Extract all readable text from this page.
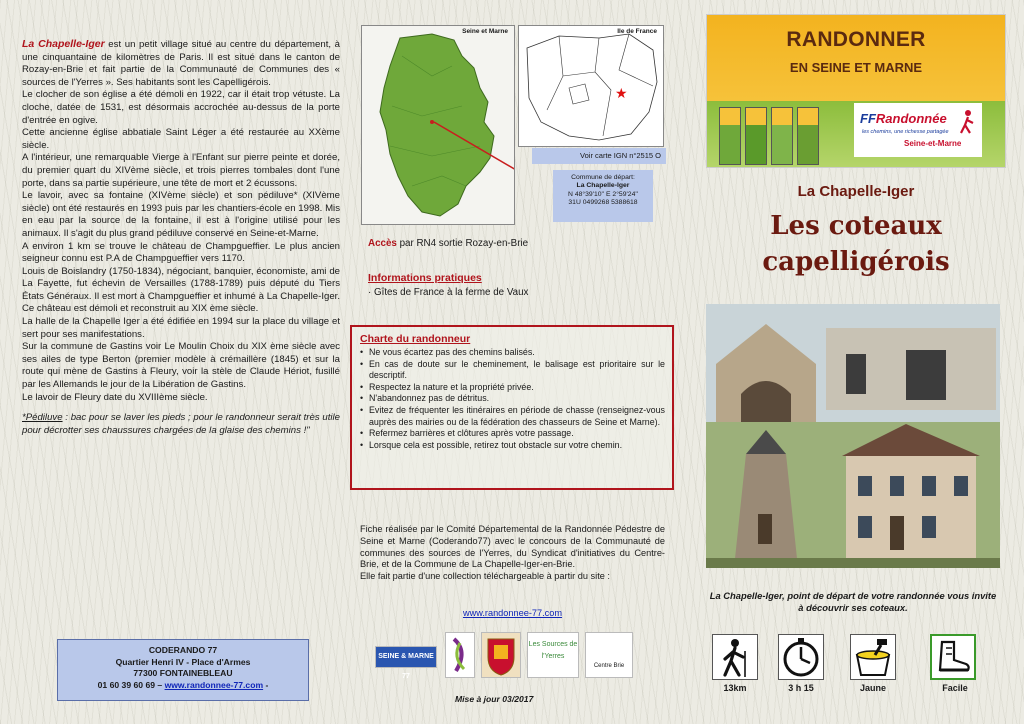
La Chapelle-Iger est un petit village situé au centre du département, à une cinquantaine de kilomètres de Paris. Il est situé dans le canton de Rozay-en-Brie et fait partie de la Communauté de Communes des « sources de l'Yerres ». Ses habitants sont les Capelligérois.

Le clocher de son église a été démoli en 1922, car il était trop vétuste. La cloche, datée de 1531, est désormais accrochée au-dessus de la porte d'entrée en ogive.

Cette ancienne église abbatiale Saint Léger a été restaurée au XXème siècle.

A l'intérieur, une remarquable Vierge à l'Enfant sur pierre peinte et dorée, du premier quart du XIVème siècle, et trois pierres tombales dont l'une porte, dans sa partie supérieure, une tête de mort et 2 écussons.

Le lavoir, avec sa fontaine (XIVème siècle) et son pédiluve* (XIVème siècle) ont été restaurés en 1993 puis par les chantiers-école en 1998. Mis en eau par la source de la fontaine, il est à l'origine utilisé pour les animaux. Il s'agit du plus grand pédiluve conservé en Seine-et-Marne.

A environ 1 km se trouve le château de Champgueffier. Le plus ancien seigneur connu est P.A de Champgueffier vers 1170.

Louis de Boislandry (1750-1834), négociant, banquier, économiste, ami de La Fayette, fut échevin de Versailles (1788-1789) puis député du Tiers États Généraux. Il est mort à Champgueffier et inhumé à La Chapelle-Iger. Ce château est démoli et reconstruit au XIX ème siècle.

La halle de la Chapelle Iger a été édifiée en 1994 sur la place du village et sert pour ses manifestations.

Sur la commune de Gastins voir Le Moulin Choix du XIX ème siècle avec ses ailes de type Berton (premier modèle à crémaillère (1845) et sur la route qui mène de Gastins à Fleury, voir la stèle de Claude Hériot, fusillé par les Allemands le jour de la Libération de Gastins.

Le lavoir de Fleury date du XVIIIème siècle.

*Pédiluve : bac pour se laver les pieds ; pour le randonneur serait très utile pour décrotter ses chaussures chargées de la glaise des chemins !"

CODERANDO 77
Quartier Henri IV - Place d'Armes
77300 FONTAINEBLEAU
01 60 39 60 69 – www.randonnee-77.com -
Seine et Marne	Ile de France
★
Voir carte IGN n°2515 O
Commune de départ:
La Chapelle-Iger
N 48°39'10'' E 2°59'24''
31U 0499268 5388618
Accès par RN4 sortie Rozay-en-Brie
Informations pratiques
· Gîtes de France à la ferme de Vaux
Charte du randonneur
• Ne vous écartez pas des chemins balisés.
• En cas de doute sur le cheminement, le balisage est prioritaire sur le descriptif.
• Respectez la nature et la propriété privée.
• N'abandonnez pas de détritus.
• Evitez de fréquenter les itinéraires en période de chasse (renseignez-vous auprès des mairies ou de la fédération des chasseurs de Seine et Marne).
• Refermez barrières et clôtures après votre passage.
• Lorsque cela est possible, retirez tout obstacle sur votre chemin.
Fiche réalisée par le Comité Départemental de la Randonnée Pédestre de Seine et Marne (Coderando77) avec le concours de la Communauté de communes des sources de l'Yerres, du Syndicat d'initiatives du Centre-Brie, et de la Commune de La Chapelle-Iger-en-Brie.
Elle fait partie d'une collection téléchargeable à partir du site :
www.randonnee-77.com
SEINE & MARNE 77
Les Sources de l'Yerres
Centre Brie
Mise à jour 03/2017
RANDONNER
EN SEINE ET MARNE
FFRandonnée
les chemins, une richesse partagée
Seine-et-Marne
La Chapelle-Iger
Les coteaux
capelligérois
La Chapelle-Iger, point de départ de votre randonnée vous invite à découvrir ses coteaux.
13km	3 h 15	Jaune	Facile
